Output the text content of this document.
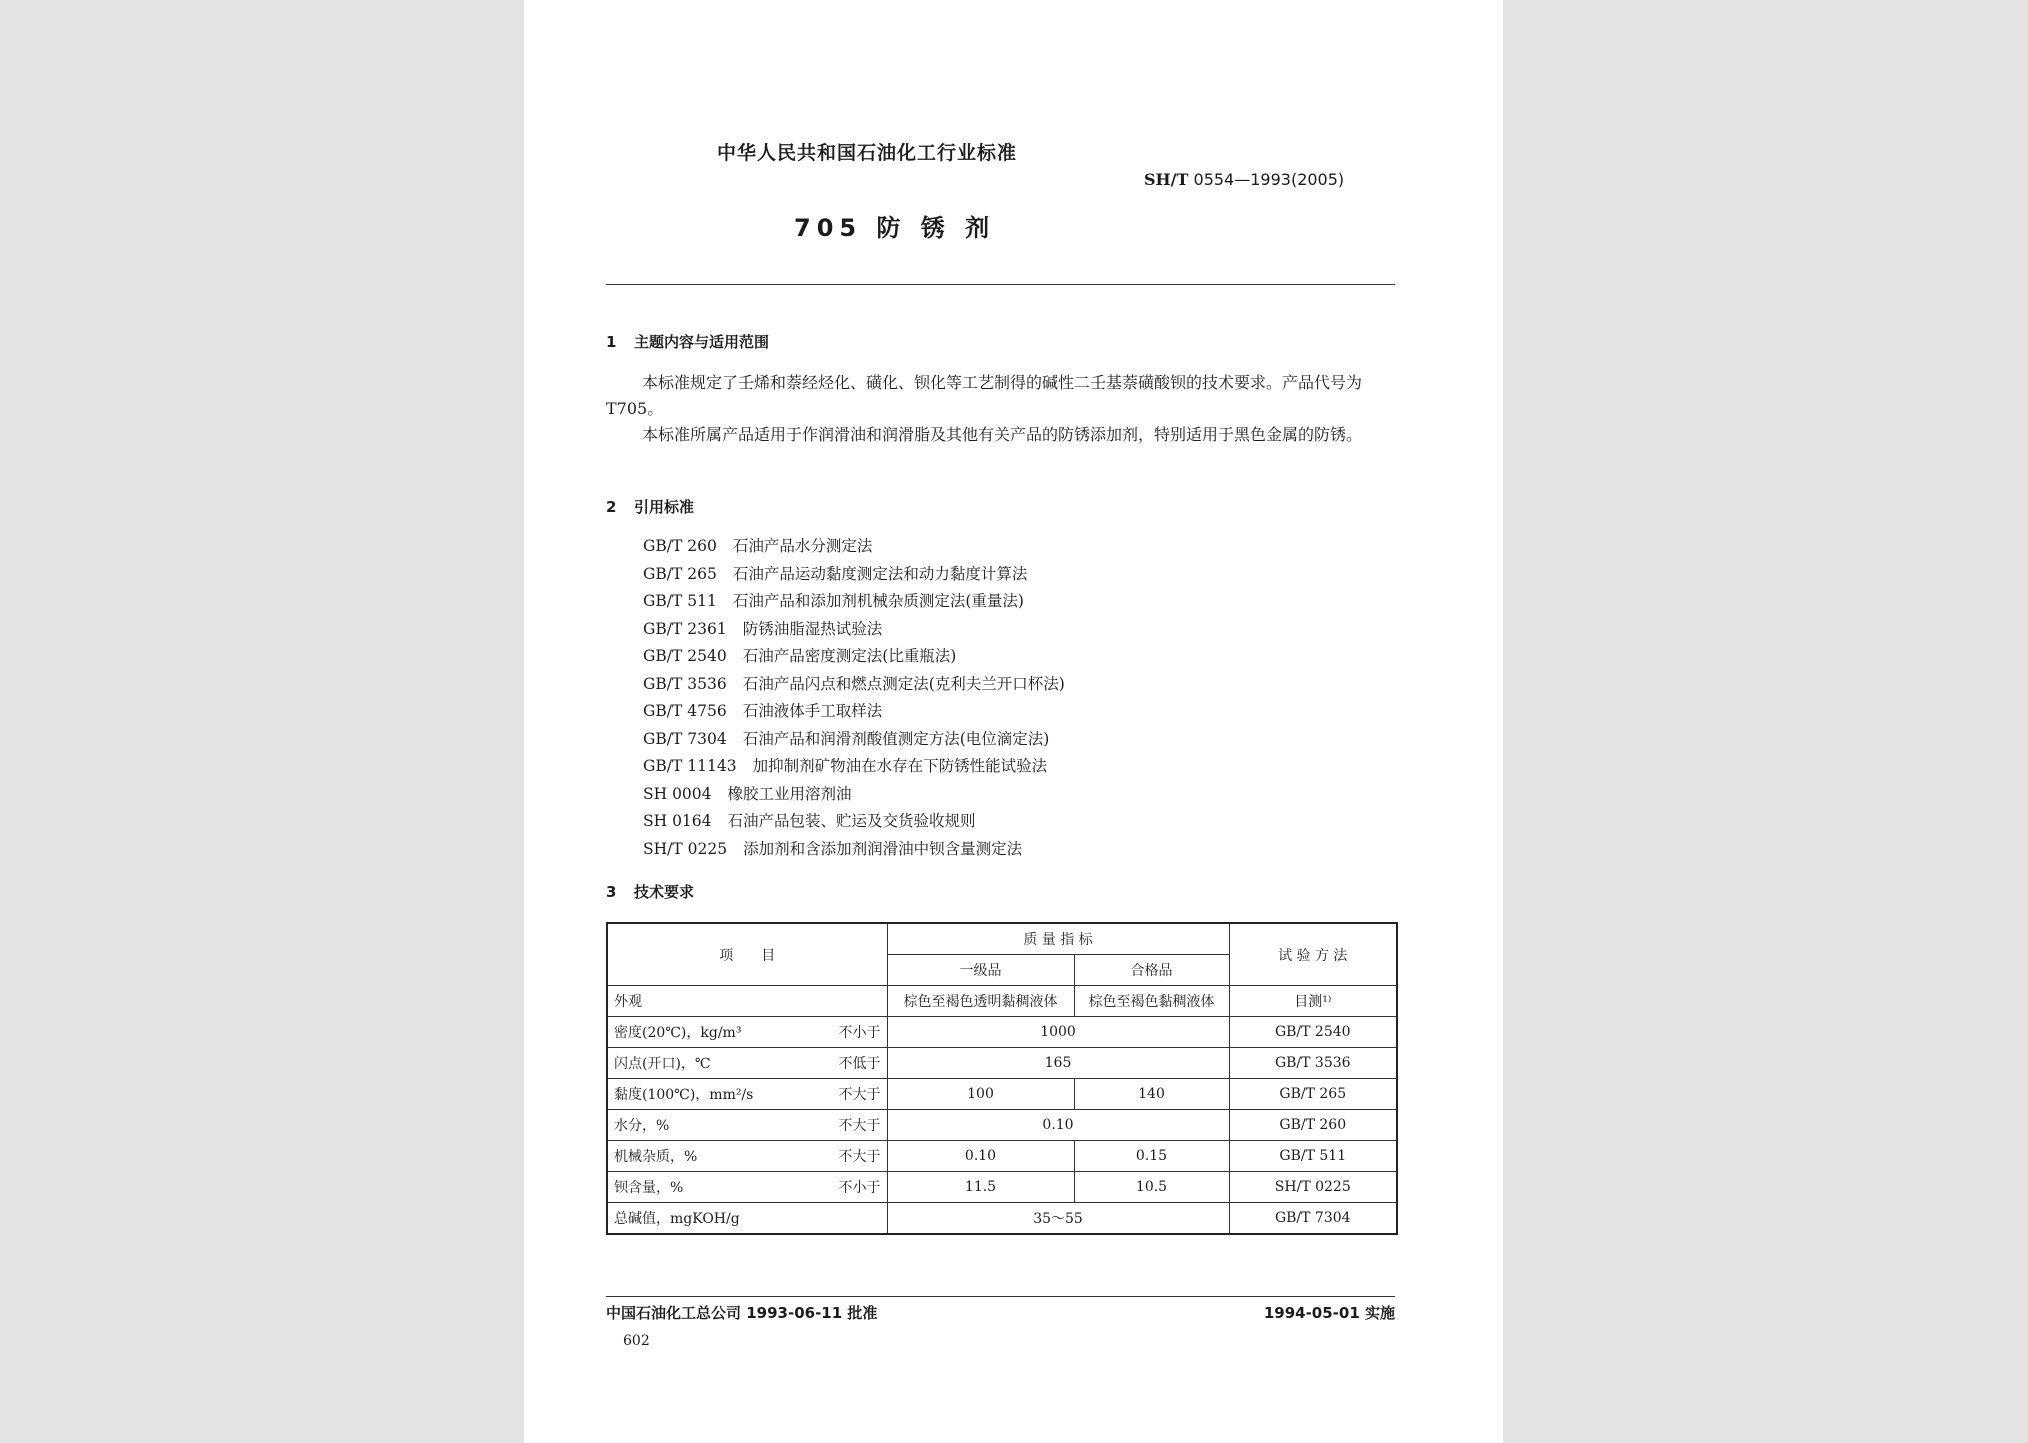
中华人民共和国石油化工行业标准
SH/T 0554—1993(2005)
705 防 锈 剂
1 主题内容与适用范围

本标准规定了壬烯和萘经烃化、磺化、钡化等工艺制得的碱性二壬基萘磺酸钡的技术要求。产品代号为T705。

本标准所属产品适用于作润滑油和润滑脂及其他有关产品的防锈添加剂，特别适用于黑色金属的防锈。

2 引用标准
GB/T 260 石油产品水分测定法
GB/T 265 石油产品运动黏度测定法和动力黏度计算法
GB/T 511 石油产品和添加剂机械杂质测定法(重量法)
GB/T 2361 防锈油脂湿热试验法
GB/T 2540 石油产品密度测定法(比重瓶法)
GB/T 3536 石油产品闪点和燃点测定法(克利夫兰开口杯法)
GB/T 4756 石油液体手工取样法
GB/T 7304 石油产品和润滑剂酸值测定方法(电位滴定法)
GB/T 11143 加抑制剂矿物油在水存在下防锈性能试验法
SH 0004 橡胶工业用溶剂油
SH 0164 石油产品包装、贮运及交货验收规则
SH/T 0225 添加剂和含添加剂润滑油中钡含量测定法
3 技术要求
项　　目	质 量 指 标		试 验 方 法
	一级品	合格品	
外观	棕色至褐色透明黏稠液体	棕色至褐色黏稠液体	目测¹⁾
密度(20℃)，kg/m³ 不小于	1000		GB/T 2540
闪点(开口)，℃ 不低于	165		GB/T 3536
黏度(100℃)，mm²/s 不大于	100	140	GB/T 265
水分，% 不大于	0.10		GB/T 260
机械杂质，% 不大于	0.10	0.15	GB/T 511
钡含量，% 不小于	11.5	10.5	SH/T 0225
总碱值，mgKOH/g	35～55		GB/T 7304
中国石油化工总公司 1993-06-11 批准	1994-05-01 实施
602
